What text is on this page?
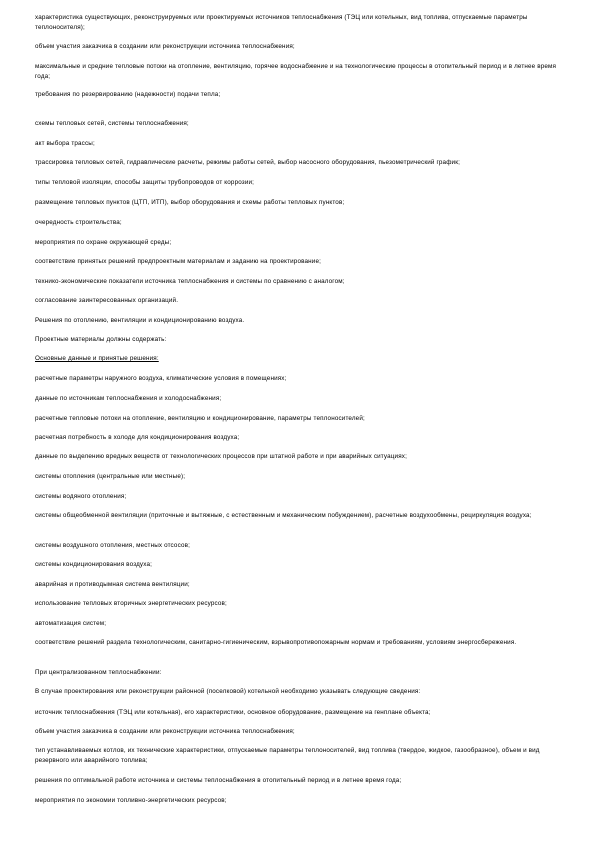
характеристика существующих, реконструируемых или проектируемых источников теплоснабжения (ТЭЦ или котельных, вид топлива, отпускаемые параметры теплоносителя);

объем участия заказчика в создании или реконструкции источника теплоснабжения;

максимальные и средние тепловые потоки на отопление, вентиляцию, горячее водоснабжение и на технологические процессы в отопительный период и в летнее время года;

требования по резервированию (надежности) подачи тепла;

схемы тепловых сетей, системы теплоснабжения;

акт выбора трассы;

трассировка тепловых сетей, гидравлические расчеты, режимы работы сетей, выбор насосного оборудования, пьезометрический график;

типы тепловой изоляции, способы защиты трубопроводов от коррозии;

размещение тепловых пунктов (ЦТП, ИТП), выбор оборудования и схемы работы тепловых пунктов;

очередность строительства;

мероприятия по охране окружающей среды;

соответствие принятых решений предпроектным материалам и заданию на проектирование;

технико-экономические показатели источника теплоснабжения и системы по сравнению с аналогом;

согласование заинтересованных организаций.

Решения по отоплению, вентиляции и кондиционированию воздуха.

Проектные материалы должны содержать:

Основные данные и принятые решения:

расчетные параметры наружного воздуха, климатические условия в помещениях;

данные по источникам теплоснабжения и холодоснабжения;

расчетные тепловые потоки на отопление, вентиляцию и кондиционирование, параметры теплоносителей;

расчетная потребность в холоде для кондиционирования воздуха;

данные по выделению вредных веществ от технологических процессов при штатной работе и при аварийных ситуациях;

системы отопления (центральные или местные);

системы водяного отопления;

системы общеобменной вентиляции (приточные и вытяжные, с естественным и механическим побуждением), расчетные воздухообмены, рециркуляция воздуха;

системы воздушного отопления, местных отсосов;

системы кондиционирования воздуха;

аварийная и противодымная система вентиляции;

использование тепловых вторичных энергетических ресурсов;

автоматизация систем;

соответствие решений раздела технологическим, санитарно-гигиеническим, взрывопротивопожарным нормам и требованиям, условиям энергосбережения.

При централизованном теплоснабжении:

В случае проектирования или реконструкции районной (поселковой) котельной необходимо указывать следующие сведения:

источник теплоснабжения (ТЭЦ или котельная), его характеристики, основное оборудование, размещение на генплане объекта;

объем участия заказчика в создании или реконструкции источника теплоснабжения;

тип устанавливаемых котлов, их технические характеристики, отпускаемые параметры теплоносителей, вид топлива (твердое, жидкое, газообразное), объем и вид резервного или аварийного топлива;

решения по оптимальной работе источника и системы теплоснабжения в отопительный период и в летнее время года;

мероприятия по экономии топливно-энергетических ресурсов;
